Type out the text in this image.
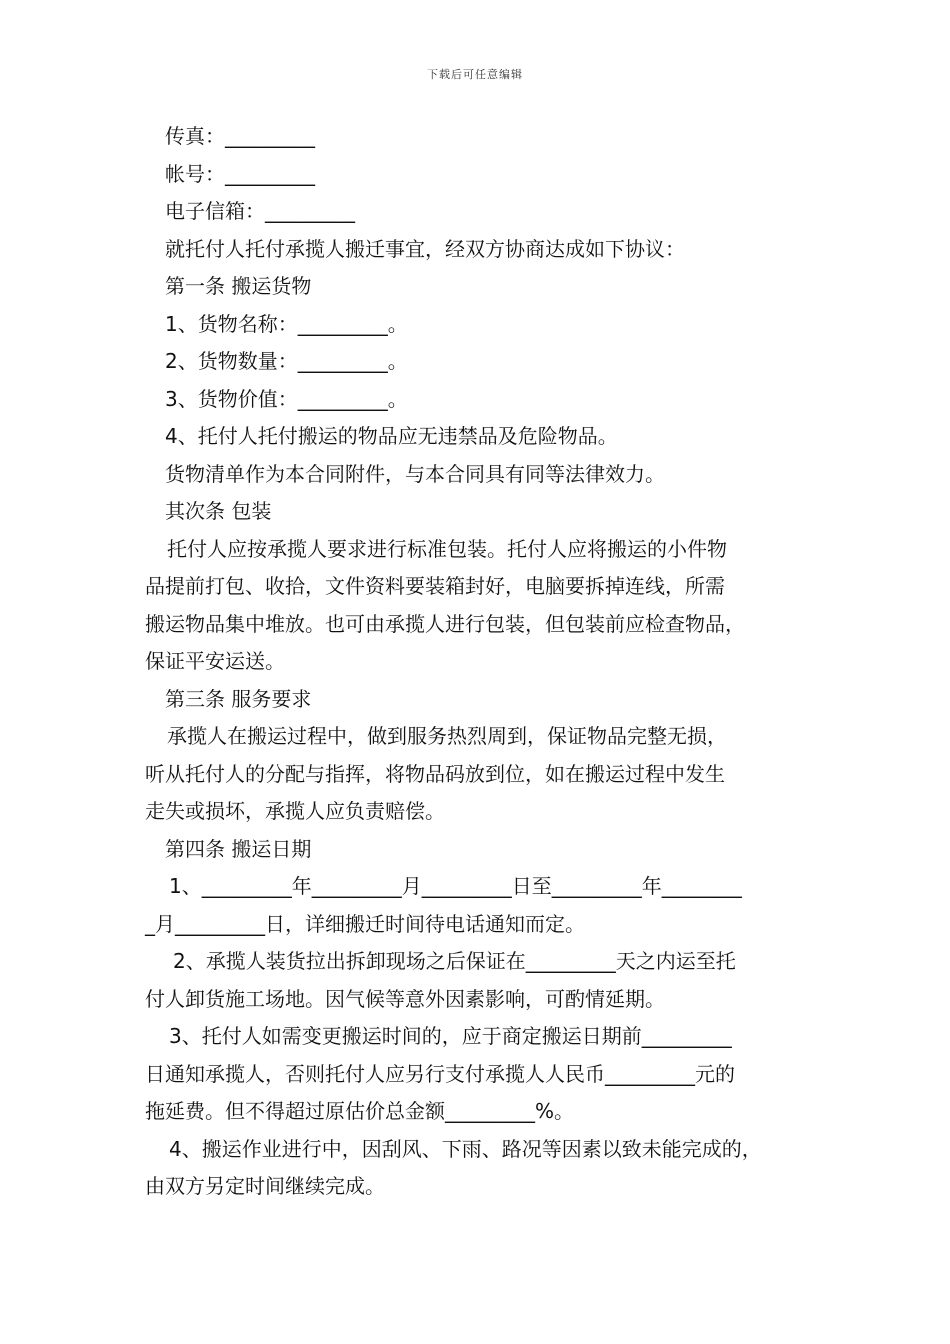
下载后可任意编辑
传真：_________
帐号：_________
电子信箱：_________
就托付人托付承揽人搬迁事宜，经双方协商达成如下协议：
第一条 搬运货物
1、货物名称：_________。
2、货物数量：_________。
3、货物价值：_________。
4、托付人托付搬运的物品应无违禁品及危险物品。
货物清单作为本合同附件，与本合同具有同等法律效力。
其次条 包装
托付人应按承揽人要求进行标准包装。托付人应将搬运的小件物
品提前打包、收拾，文件资料要装箱封好，电脑要拆掉连线，所需
搬运物品集中堆放。也可由承揽人进行包装，但包装前应检查物品，
保证平安运送。
第三条 服务要求
承揽人在搬运过程中，做到服务热烈周到，保证物品完整无损，
听从托付人的分配与指挥，将物品码放到位，如在搬运过程中发生
走失或损坏，承揽人应负责赔偿。
第四条 搬运日期
1、_________年_________月_________日至_________年________
_月_________日，详细搬迁时间待电话通知而定。
2、承揽人装货拉出拆卸现场之后保证在_________天之内运至托
付人卸货施工场地。因气候等意外因素影响，可酌情延期。
3、托付人如需变更搬运时间的，应于商定搬运日期前_________
日通知承揽人，否则托付人应另行支付承揽人人民币_________元的
拖延费。但不得超过原估价总金额_________%。
4、搬运作业进行中，因刮风、下雨、路况等因素以致未能完成的，
由双方另定时间继续完成。
